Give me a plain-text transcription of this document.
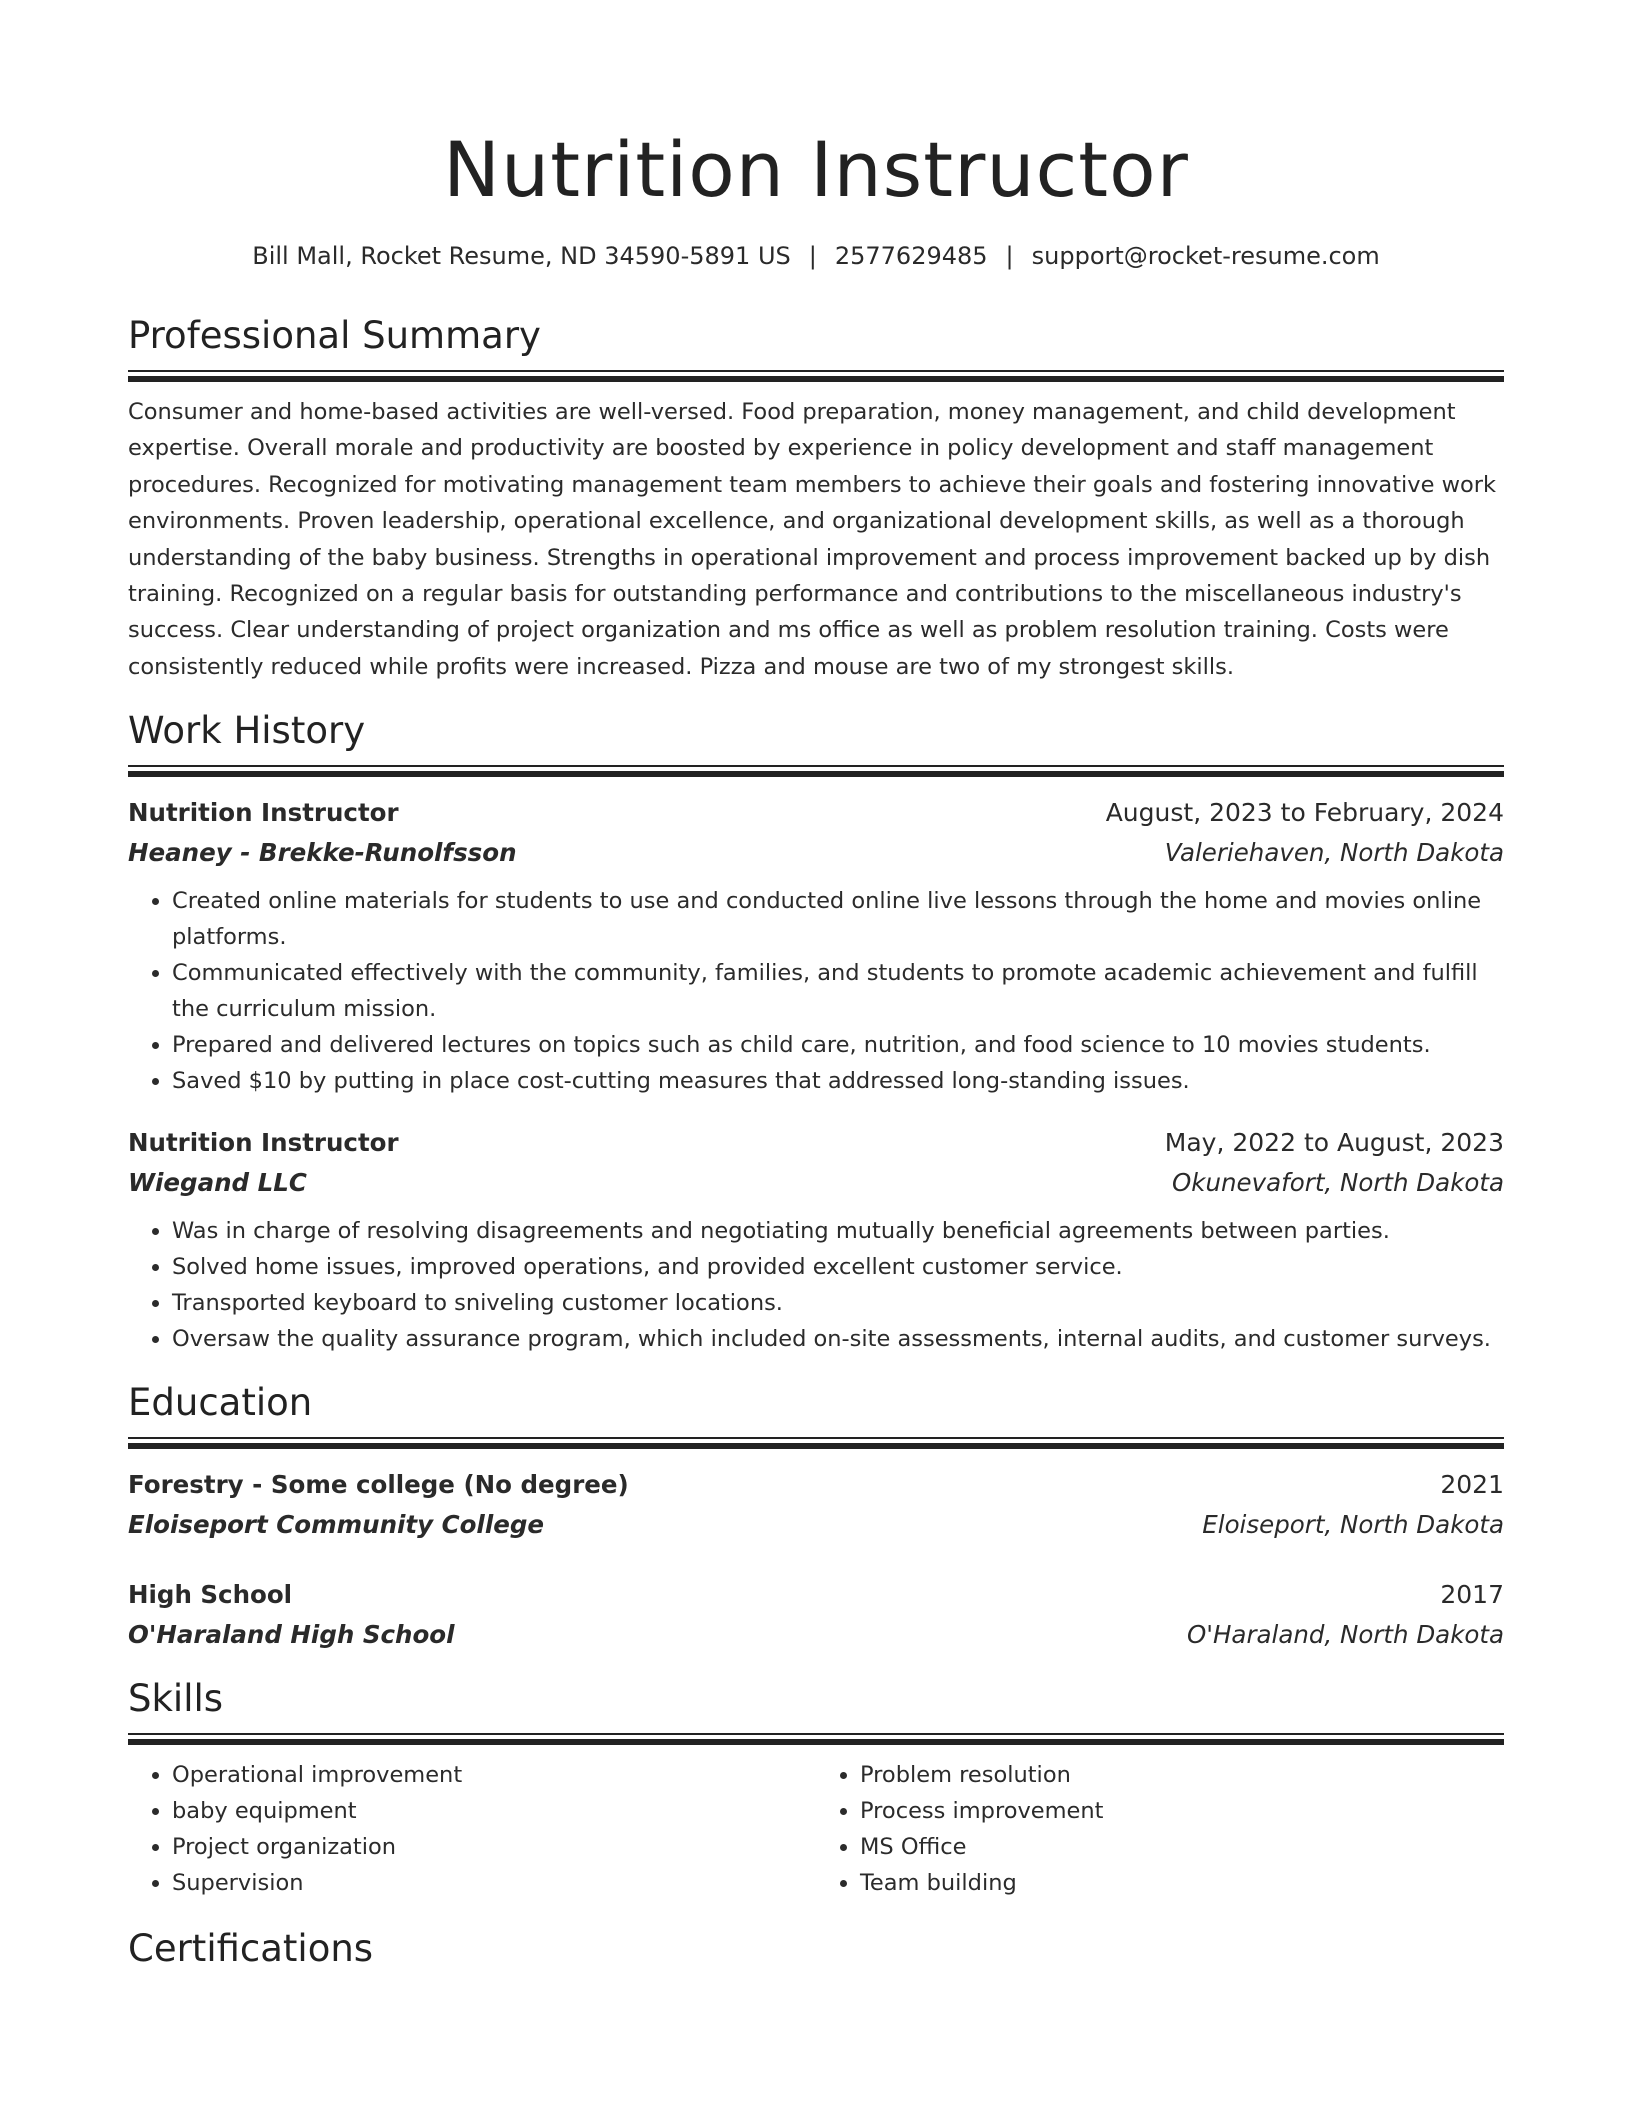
Nutrition Instructor
Bill Mall, Rocket Resume, ND 34590-5891 US | 2577629485 | support@rocket-resume.com
Professional Summary
Consumer and home-based activities are well-versed. Food preparation, money management, and child development expertise. Overall morale and productivity are boosted by experience in policy development and staff management procedures. Recognized for motivating management team members to achieve their goals and fostering innovative work environments. Proven leadership, operational excellence, and organizational development skills, as well as a thorough understanding of the baby business. Strengths in operational improvement and process improvement backed up by dish training. Recognized on a regular basis for outstanding performance and contributions to the miscellaneous industry's success. Clear understanding of project organization and ms office as well as problem resolution training. Costs were consistently reduced while profits were increased. Pizza and mouse are two of my strongest skills.
Work History
Nutrition Instructor	August, 2023 to February, 2024
Heaney - Brekke-Runolfsson	Valeriehaven, North Dakota
• Created online materials for students to use and conducted online live lessons through the home and movies online platforms.
• Communicated effectively with the community, families, and students to promote academic achievement and fulfill the curriculum mission.
• Prepared and delivered lectures on topics such as child care, nutrition, and food science to 10 movies students.
• Saved $10 by putting in place cost-cutting measures that addressed long-standing issues.
Nutrition Instructor	May, 2022 to August, 2023
Wiegand LLC	Okunevafort, North Dakota
• Was in charge of resolving disagreements and negotiating mutually beneficial agreements between parties.
• Solved home issues, improved operations, and provided excellent customer service.
• Transported keyboard to sniveling customer locations.
• Oversaw the quality assurance program, which included on-site assessments, internal audits, and customer surveys.
Education
Forestry - Some college (No degree)	2021
Eloiseport Community College	Eloiseport, North Dakota
High School	2017
O'Haraland High School	O'Haraland, North Dakota
Skills
• Operational improvement
• baby equipment
• Project organization
• Supervision
• Problem resolution
• Process improvement
• MS Office
• Team building
Certifications
